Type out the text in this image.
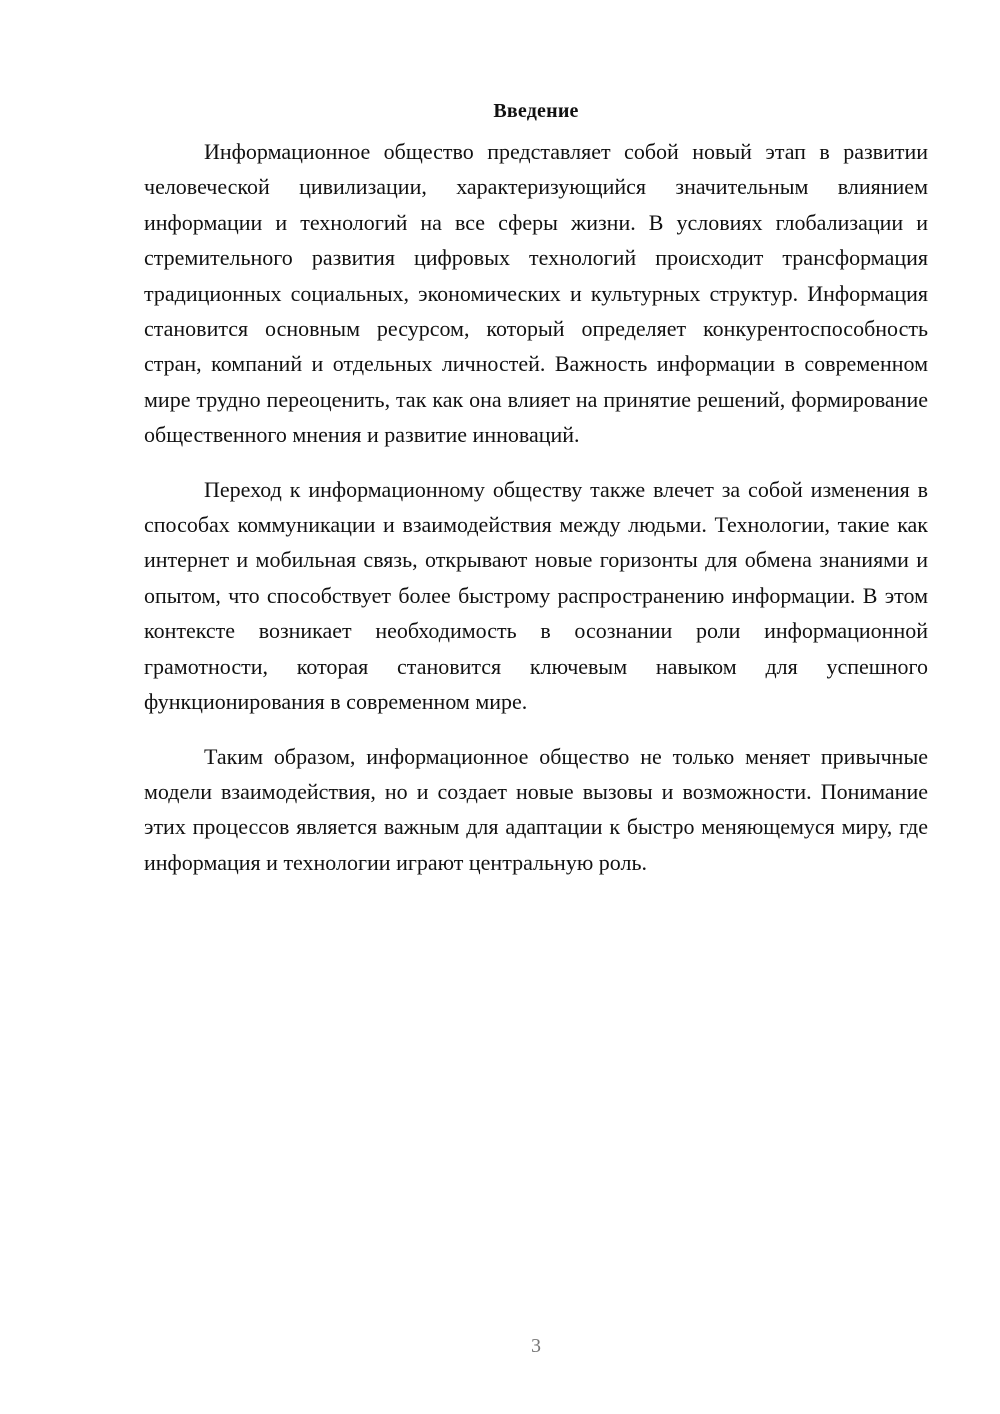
Введение

Информационное общество представляет собой новый этап в развитии человеческой цивилизации, характеризующийся значительным влиянием информации и технологий на все сферы жизни. В условиях глобализации и стремительного развития цифровых технологий происходит трансформация традиционных социальных, экономических и культурных структур. Информация становится основным ресурсом, который определяет конкурентоспособность стран, компаний и отдельных личностей. Важность информации в современном мире трудно переоценить, так как она влияет на принятие решений, формирование общественного мнения и развитие инноваций.

Переход к информационному обществу также влечет за собой изменения в способах коммуникации и взаимодействия между людьми. Технологии, такие как интернет и мобильная связь, открывают новые горизонты для обмена знаниями и опытом, что способствует более быстрому распространению информации. В этом контексте возникает необходимость в осознании роли информационной грамотности, которая становится ключевым навыком для успешного функционирования в современном мире.

Таким образом, информационное общество не только меняет привычные модели взаимодействия, но и создает новые вызовы и возможности. Понимание этих процессов является важным для адаптации к быстро меняющемуся миру, где информация и технологии играют центральную роль.

3
